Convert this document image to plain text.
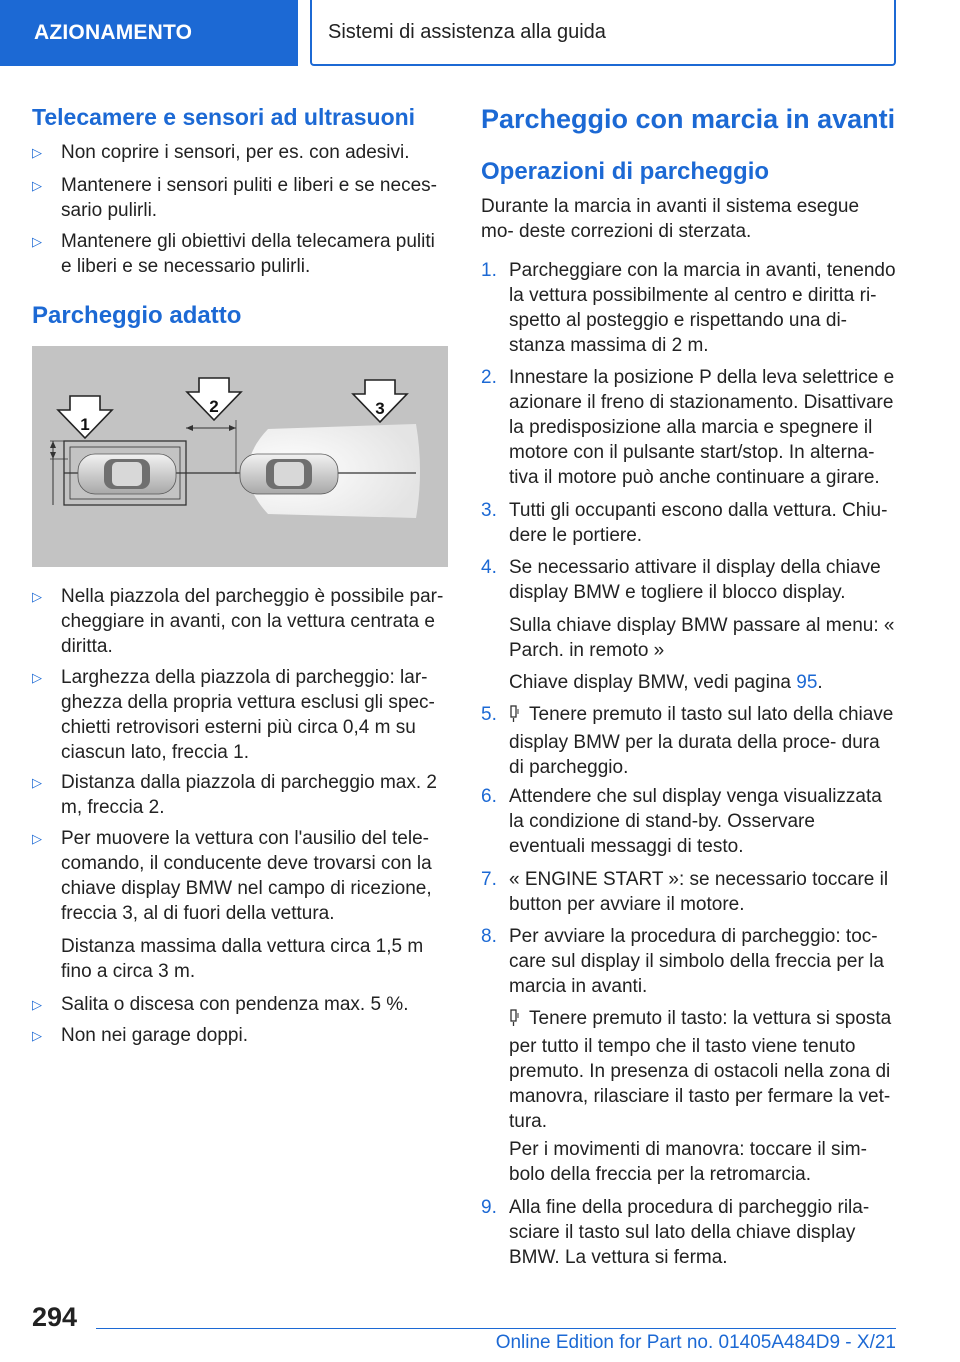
AZIONAMENTO	Sistemi di assistenza alla guida
Telecamere e sensori ad ultrasuoni
▷ Non coprire i sensori, per es. con adesivi.
▷ Mantenere i sensori puliti e liberi e se neces- sario pulirli.
▷ Mantenere gli obiettivi della telecamera puliti e liberi e se necessario pulirli.
Parcheggio adatto
▷ Nella piazzola del parcheggio è possibile par- cheggiare in avanti, con la vettura centrata e diritta.
▷ Larghezza della piazzola di parcheggio: lar- ghezza della propria vettura esclusi gli spec- chietti retrovisori esterni più circa 0,4 m su ciascun lato, freccia 1.
▷ Distanza dalla piazzola di parcheggio max. 2 m, freccia 2.
▷ Per muovere la vettura con l'ausilio del tele- comando, il conducente deve trovarsi con la chiave display BMW nel campo di ricezione, freccia 3, al di fuori della vettura.
Distanza massima dalla vettura circa 1,5 m fino a circa 3 m.
▷ Salita o discesa con pendenza max. 5 %.
▷ Non nei garage doppi.
1
2	3
Parcheggio con marcia in avanti
Operazioni di parcheggio
Durante la marcia in avanti il sistema esegue mo- deste correzioni di sterzata.
1. Parcheggiare con la marcia in avanti, tenendo la vettura possibilmente al centro e diritta ri- spetto al posteggio e rispettando una di- stanza massima di 2 m.
2. Innestare la posizione P della leva selettrice e azionare il freno di stazionamento. Disattivare la predisposizione alla marcia e spegnere il motore con il pulsante start/stop. In alterna- tiva il motore può anche continuare a girare.
3. Tutti gli occupanti escono dalla vettura. Chiu- dere le portiere.
4. Se necessario attivare il display della chiave display BMW e togliere il blocco display.
Sulla chiave display BMW passare al menu: « Parch. in remoto »
Chiave display BMW, vedi pagina 95.
5. Tenere premuto il tasto sul lato della chiave display BMW per la durata della proce- dura di parcheggio.
6. Attendere che sul display venga visualizzata la condizione di stand-by. Osservare eventuali messaggi di testo.
7. « ENGINE START »: se necessario toccare il button per avviare il motore.
8. Per avviare la procedura di parcheggio: toc- care sul display il simbolo della freccia per la marcia in avanti.
Tenere premuto il tasto: la vettura si sposta per tutto il tempo che il tasto viene tenuto premuto. In presenza di ostacoli nella zona di manovra, rilasciare il tasto per fermare la vet- tura.
Per i movimenti di manovra: toccare il sim- bolo della freccia per la retromarcia.
9. Alla fine della procedura di parcheggio rila- sciare il tasto sul lato della chiave display BMW. La vettura si ferma.
294
Online Edition for Part no. 01405A484D9 - X/21
